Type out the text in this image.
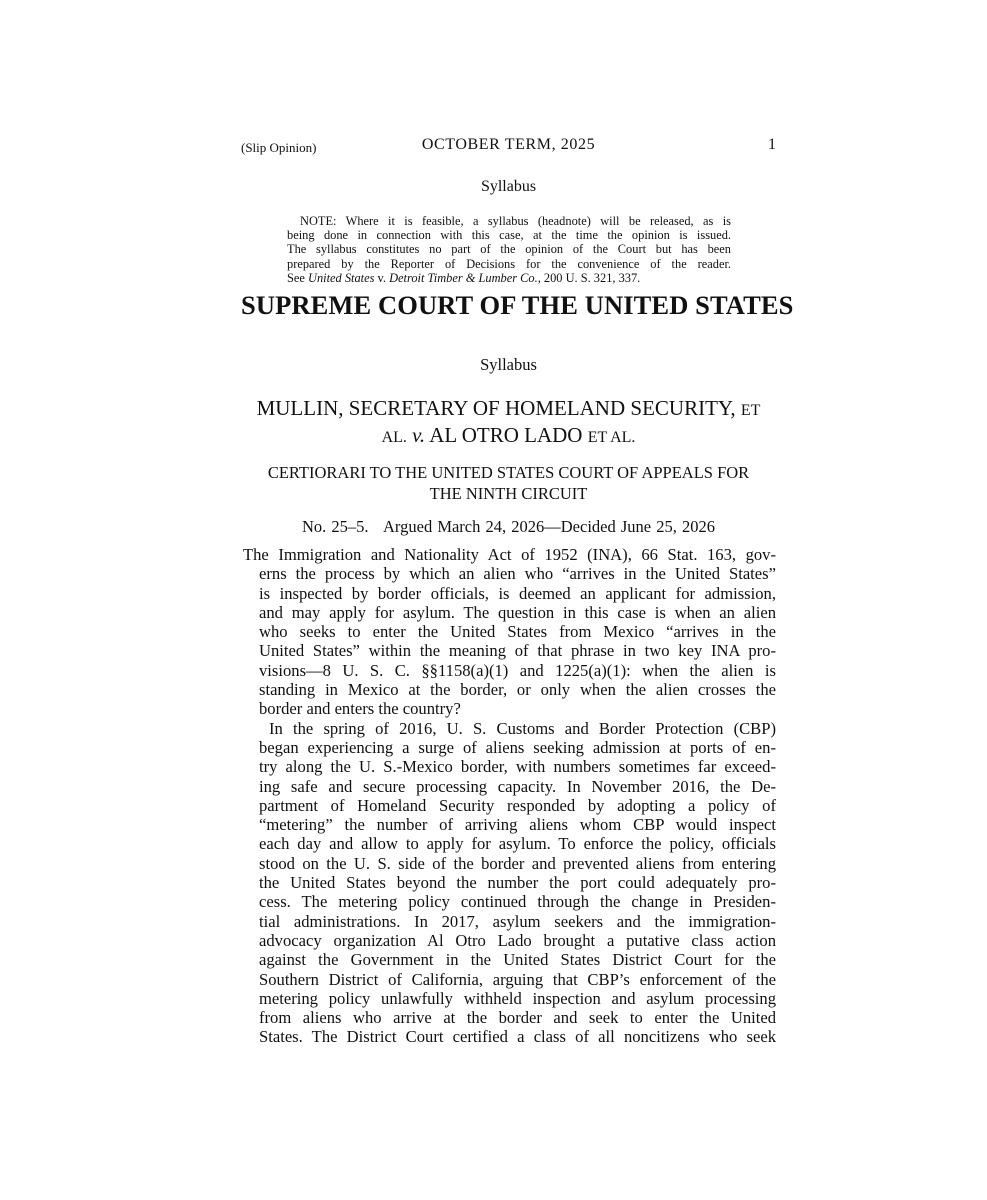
(Slip Opinion)	OCTOBER TERM, 2025	1
Syllabus
NOTE: Where it is feasible, a syllabus (headnote) will be released, as is
being done in connection with this case, at the time the opinion is issued.
The syllabus constitutes no part of the opinion of the Court but has been
prepared by the Reporter of Decisions for the convenience of the reader.
See United States v. Detroit Timber & Lumber Co., 200 U. S. 321, 337.
SUPREME COURT OF THE UNITED STATES
Syllabus
MULLIN, SECRETARY OF HOMELAND SECURITY, ET
AL. v. AL OTRO LADO ET AL.
CERTIORARI TO THE UNITED STATES COURT OF APPEALS FOR
THE NINTH CIRCUIT
No. 25–5.   Argued March 24, 2026—Decided June 25, 2026
The Immigration and Nationality Act of 1952 (INA), 66 Stat. 163, gov-
erns the process by which an alien who “arrives in the United States”
is inspected by border officials, is deemed an applicant for admission,
and may apply for asylum. The question in this case is when an alien
who seeks to enter the United States from Mexico “arrives in the
United States” within the meaning of that phrase in two key INA pro-
visions—8 U. S. C. §§1158(a)(1) and 1225(a)(1): when the alien is
standing in Mexico at the border, or only when the alien crosses the
border and enters the country?
In the spring of 2016, U. S. Customs and Border Protection (CBP)
began experiencing a surge of aliens seeking admission at ports of en-
try along the U. S.-Mexico border, with numbers sometimes far exceed-
ing safe and secure processing capacity. In November 2016, the De-
partment of Homeland Security responded by adopting a policy of
“metering” the number of arriving aliens whom CBP would inspect
each day and allow to apply for asylum. To enforce the policy, officials
stood on the U. S. side of the border and prevented aliens from entering
the United States beyond the number the port could adequately pro-
cess. The metering policy continued through the change in Presiden-
tial administrations. In 2017, asylum seekers and the immigration-
advocacy organization Al Otro Lado brought a putative class action
against the Government in the United States District Court for the
Southern District of California, arguing that CBP’s enforcement of the
metering policy unlawfully withheld inspection and asylum processing
from aliens who arrive at the border and seek to enter the United
States. The District Court certified a class of all noncitizens who seek
